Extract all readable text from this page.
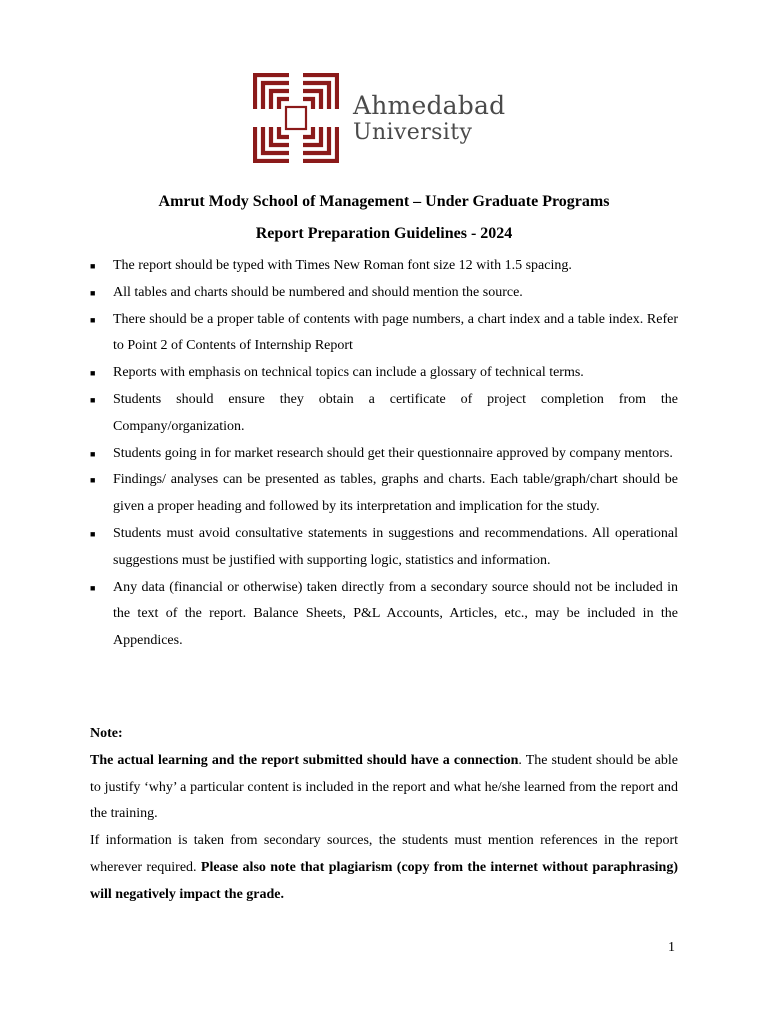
Ahmedabad
University
Amrut Mody School of Management – Under Graduate Programs
Report Preparation Guidelines - 2024
■ The report should be typed with Times New Roman font size 12 with 1.5 spacing.
■ All tables and charts should be numbered and should mention the source.
■ There should be a proper table of contents with page numbers, a chart index and a table index. Refer to Point 2 of Contents of Internship Report
■ Reports with emphasis on technical topics can include a glossary of technical terms.
■ Students should ensure they obtain a certificate of project completion from the Company/organization.
■ Students going in for market research should get their questionnaire approved by company mentors.
■ Findings/ analyses can be presented as tables, graphs and charts. Each table/graph/chart should be given a proper heading and followed by its interpretation and implication for the study.
■ Students must avoid consultative statements in suggestions and recommendations. All operational suggestions must be justified with supporting logic, statistics and information.
■ Any data (financial or otherwise) taken directly from a secondary source should not be included in the text of the report. Balance Sheets, P&L Accounts, Articles, etc., may be included in the Appendices.

Note:

The actual learning and the report submitted should have a connection. The student should be able to justify ‘why’ a particular content is included in the report and what he/she learned from the report and the training.

If information is taken from secondary sources, the students must mention references in the report wherever required. Please also note that plagiarism (copy from the internet without paraphrasing) will negatively impact the grade.

1
